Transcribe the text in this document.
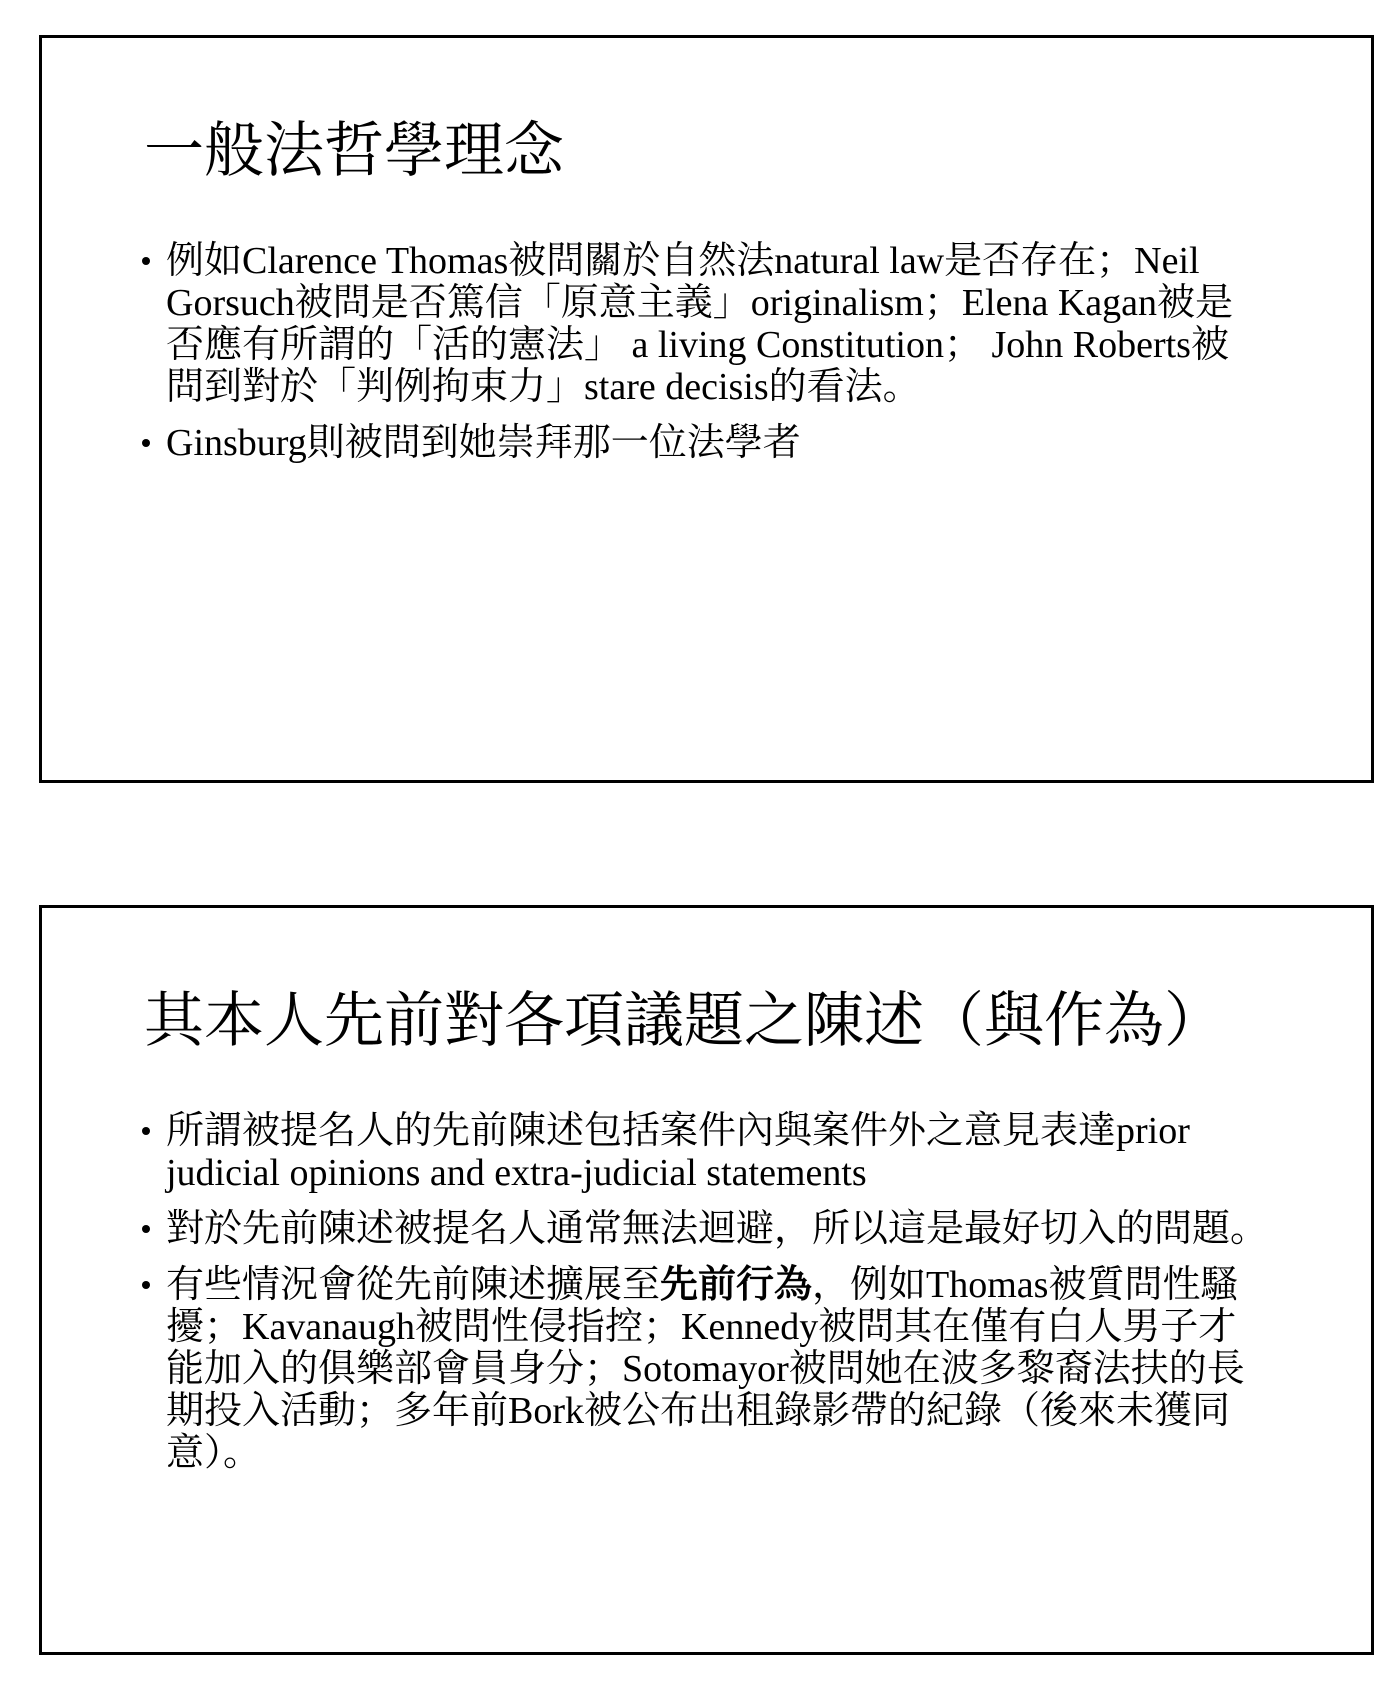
一般法哲學理念
例如Clarence Thomas被問關於自然法natural law是否存在；Neil
Gorsuch被問是否篤信「原意主義」originalism；Elena Kagan被是
否應有所謂的「活的憲法」 a living Constitution； John Roberts被
問到對於「判例拘束力」stare decisis的看法。
Ginsburg則被問到她崇拜那一位法學者
其本人先前對各項議題之陳述（與作為）
所謂被提名人的先前陳述包括案件內與案件外之意見表達prior
judicial opinions and extra-judicial statements
對於先前陳述被提名人通常無法迴避，所以這是最好切入的問題。
有些情況會從先前陳述擴展至先前行為，例如Thomas被質問性騷
擾；Kavanaugh被問性侵指控；Kennedy被問其在僅有白人男子才
能加入的俱樂部會員身分；Sotomayor被問她在波多黎裔法扶的長
期投入活動；多年前Bork被公布出租錄影帶的紀錄（後來未獲同
意）。
